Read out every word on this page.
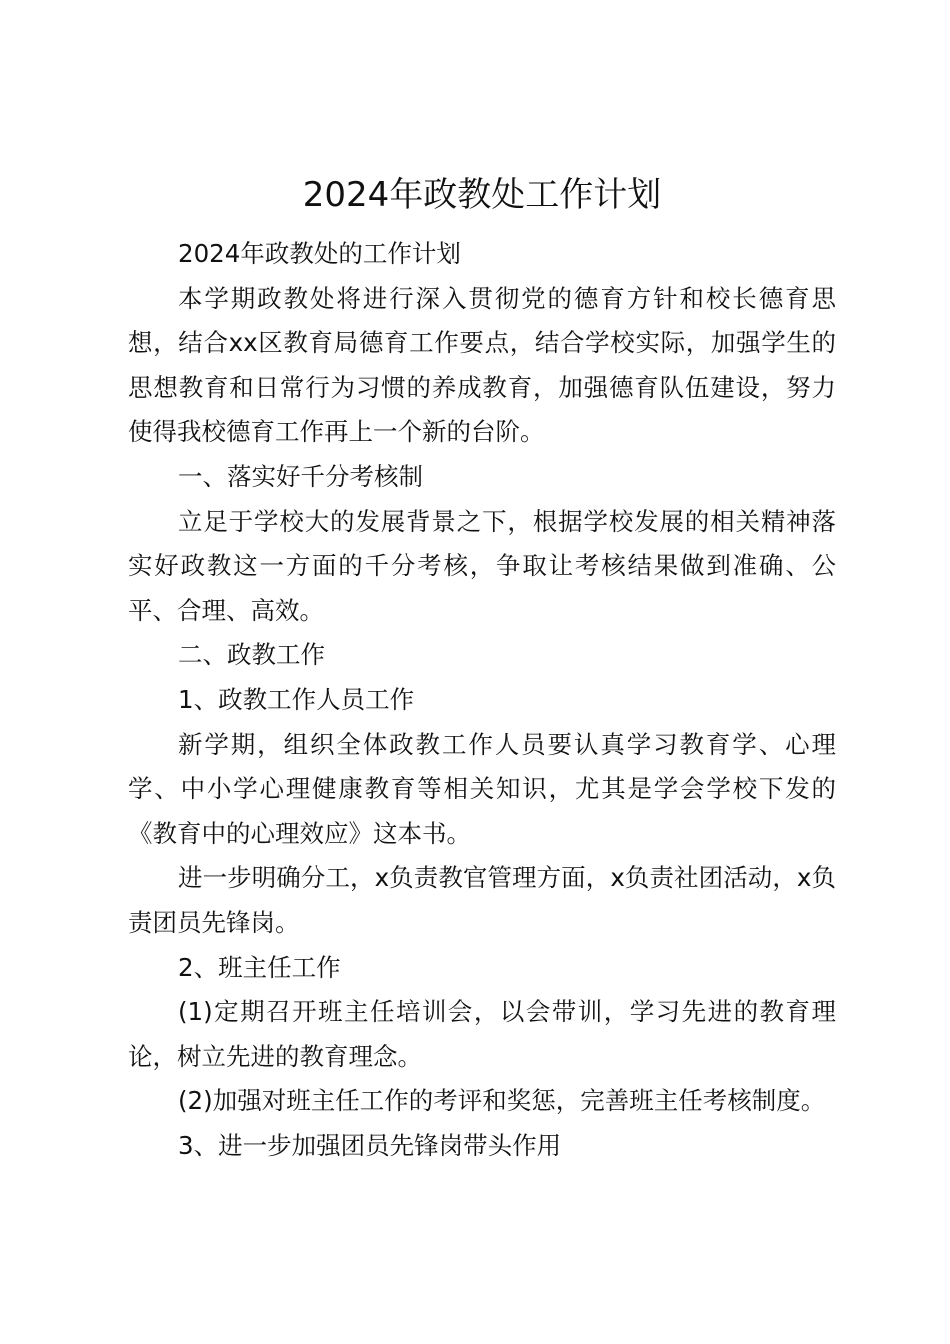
2024年政教处工作计划

2024年政教处的工作计划

本学期政教处将进行深入贯彻党的德育方针和校长德育思想，结合xx区教育局德育工作要点，结合学校实际，加强学生的思想教育和日常行为习惯的养成教育，加强德育队伍建设，努力使得我校德育工作再上一个新的台阶。

一、落实好千分考核制

立足于学校大的发展背景之下，根据学校发展的相关精神落实好政教这一方面的千分考核，争取让考核结果做到准确、公平、合理、高效。

二、政教工作

1、政教工作人员工作

新学期，组织全体政教工作人员要认真学习教育学、心理学、中小学心理健康教育等相关知识，尤其是学会学校下发的《教育中的心理效应》这本书。

进一步明确分工，x负责教官管理方面，x负责社团活动，x负责团员先锋岗。

2、班主任工作

(1)定期召开班主任培训会，以会带训，学习先进的教育理论，树立先进的教育理念。

(2)加强对班主任工作的考评和奖惩，完善班主任考核制度。

3、进一步加强团员先锋岗带头作用
